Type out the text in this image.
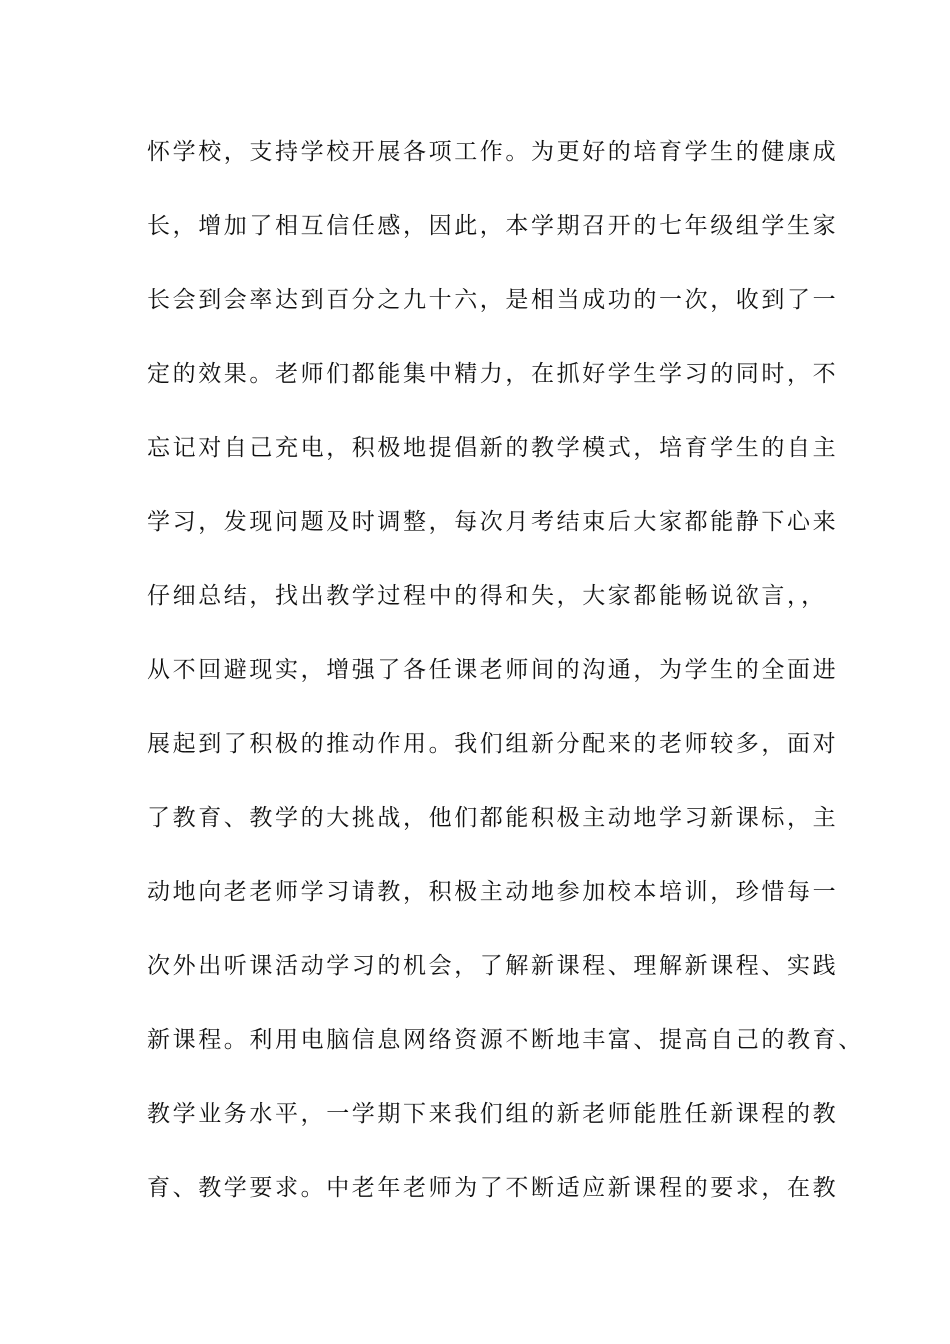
怀学校，支持学校开展各项工作。为更好的培育学生的健康成
长，增加了相互信任感，因此，本学期召开的七年级组学生家
长会到会率达到百分之九十六，是相当成功的一次，收到了一
定的效果。老师们都能集中精力，在抓好学生学习的同时，不
忘记对自己充电，积极地提倡新的教学模式，培育学生的自主
学习，发现问题及时调整，每次月考结束后大家都能静下心来
仔细总结，找出教学过程中的得和失，大家都能畅说欲言，，
从不回避现实，增强了各任课老师间的沟通，为学生的全面进
展起到了积极的推动作用。我们组新分配来的老师较多，面对
了教育、教学的大挑战，他们都能积极主动地学习新课标，主
动地向老老师学习请教，积极主动地参加校本培训，珍惜每一
次外出听课活动学习的机会，了解新课程、理解新课程、实践
新课程。利用电脑信息网络资源不断地丰富、提高自己的教育、
教学业务水平，一学期下来我们组的新老师能胜任新课程的教
育、教学要求。中老年老师为了不断适应新课程的要求，在教
